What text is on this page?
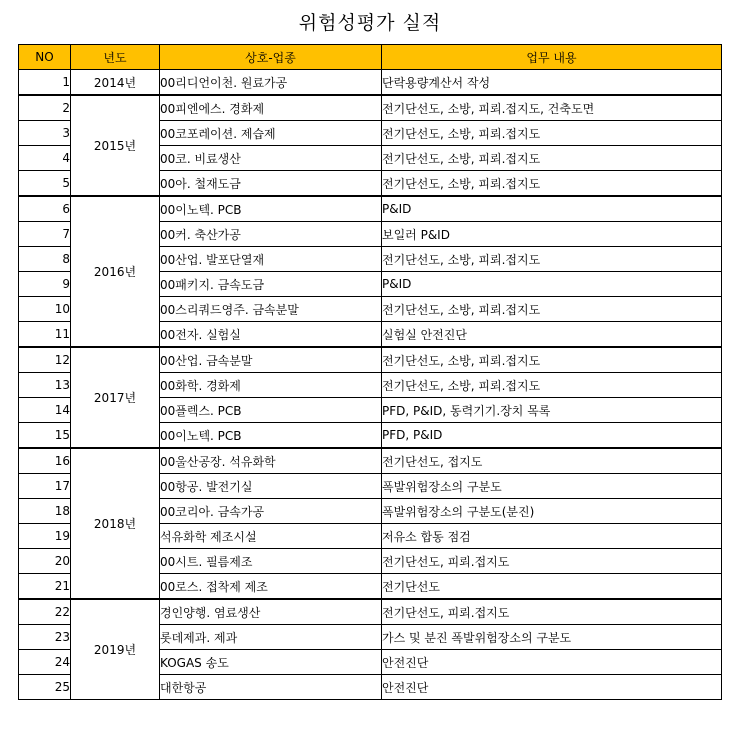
위험성평가 실적
NO	년도	상호-업종	업무 내용
1	2014년	00리디언이천. 원료가공	단락용량계산서 작성
2	2015년	00피엔에스. 경화제	전기단선도, 소방, 피뢰.접지도, 건축도면
3		00코포레이션. 제습제	전기단선도, 소방, 피뢰.접지도
4		00코. 비료생산	전기단선도, 소방, 피뢰.접지도
5		00아. 철재도금	전기단선도, 소방, 피뢰.접지도
6	2016년	00이노텍. PCB	P&ID
7		00커. 축산가공	보일러 P&ID
8		00산업. 발포단열재	전기단선도, 소방, 피뢰.접지도
9		00패키지. 금속도금	P&ID
10		00스리쿼드영주. 금속분말	전기단선도, 소방, 피뢰.접지도
11		00전자. 실험실	실험실 안전진단
12	2017년	00산업. 금속분말	전기단선도, 소방, 피뢰.접지도
13		00화학. 경화제	전기단선도, 소방, 피뢰.접지도
14		00플렉스. PCB	PFD, P&ID, 동력기기.장치 목록
15		00이노텍. PCB	PFD, P&ID
16	2018년	00울산공장. 석유화학	전기단선도, 접지도
17		00항공. 발전기실	폭발위험장소의 구분도
18		00코리아. 금속가공	폭발위험장소의 구분도(분진)
19		석유화학 제조시설	저유소 합동 점검
20		00시트. 필름제조	전기단선도, 피뢰.접지도
21		00로스. 접착제 제조	전기단선도
22	2019년	경인양행. 염료생산	전기단선도, 피뢰.접지도
23		롯데제과. 제과	가스 및 분진 폭발위험장소의 구분도
24		KOGAS 송도	안전진단
25		대한항공	안전진단
